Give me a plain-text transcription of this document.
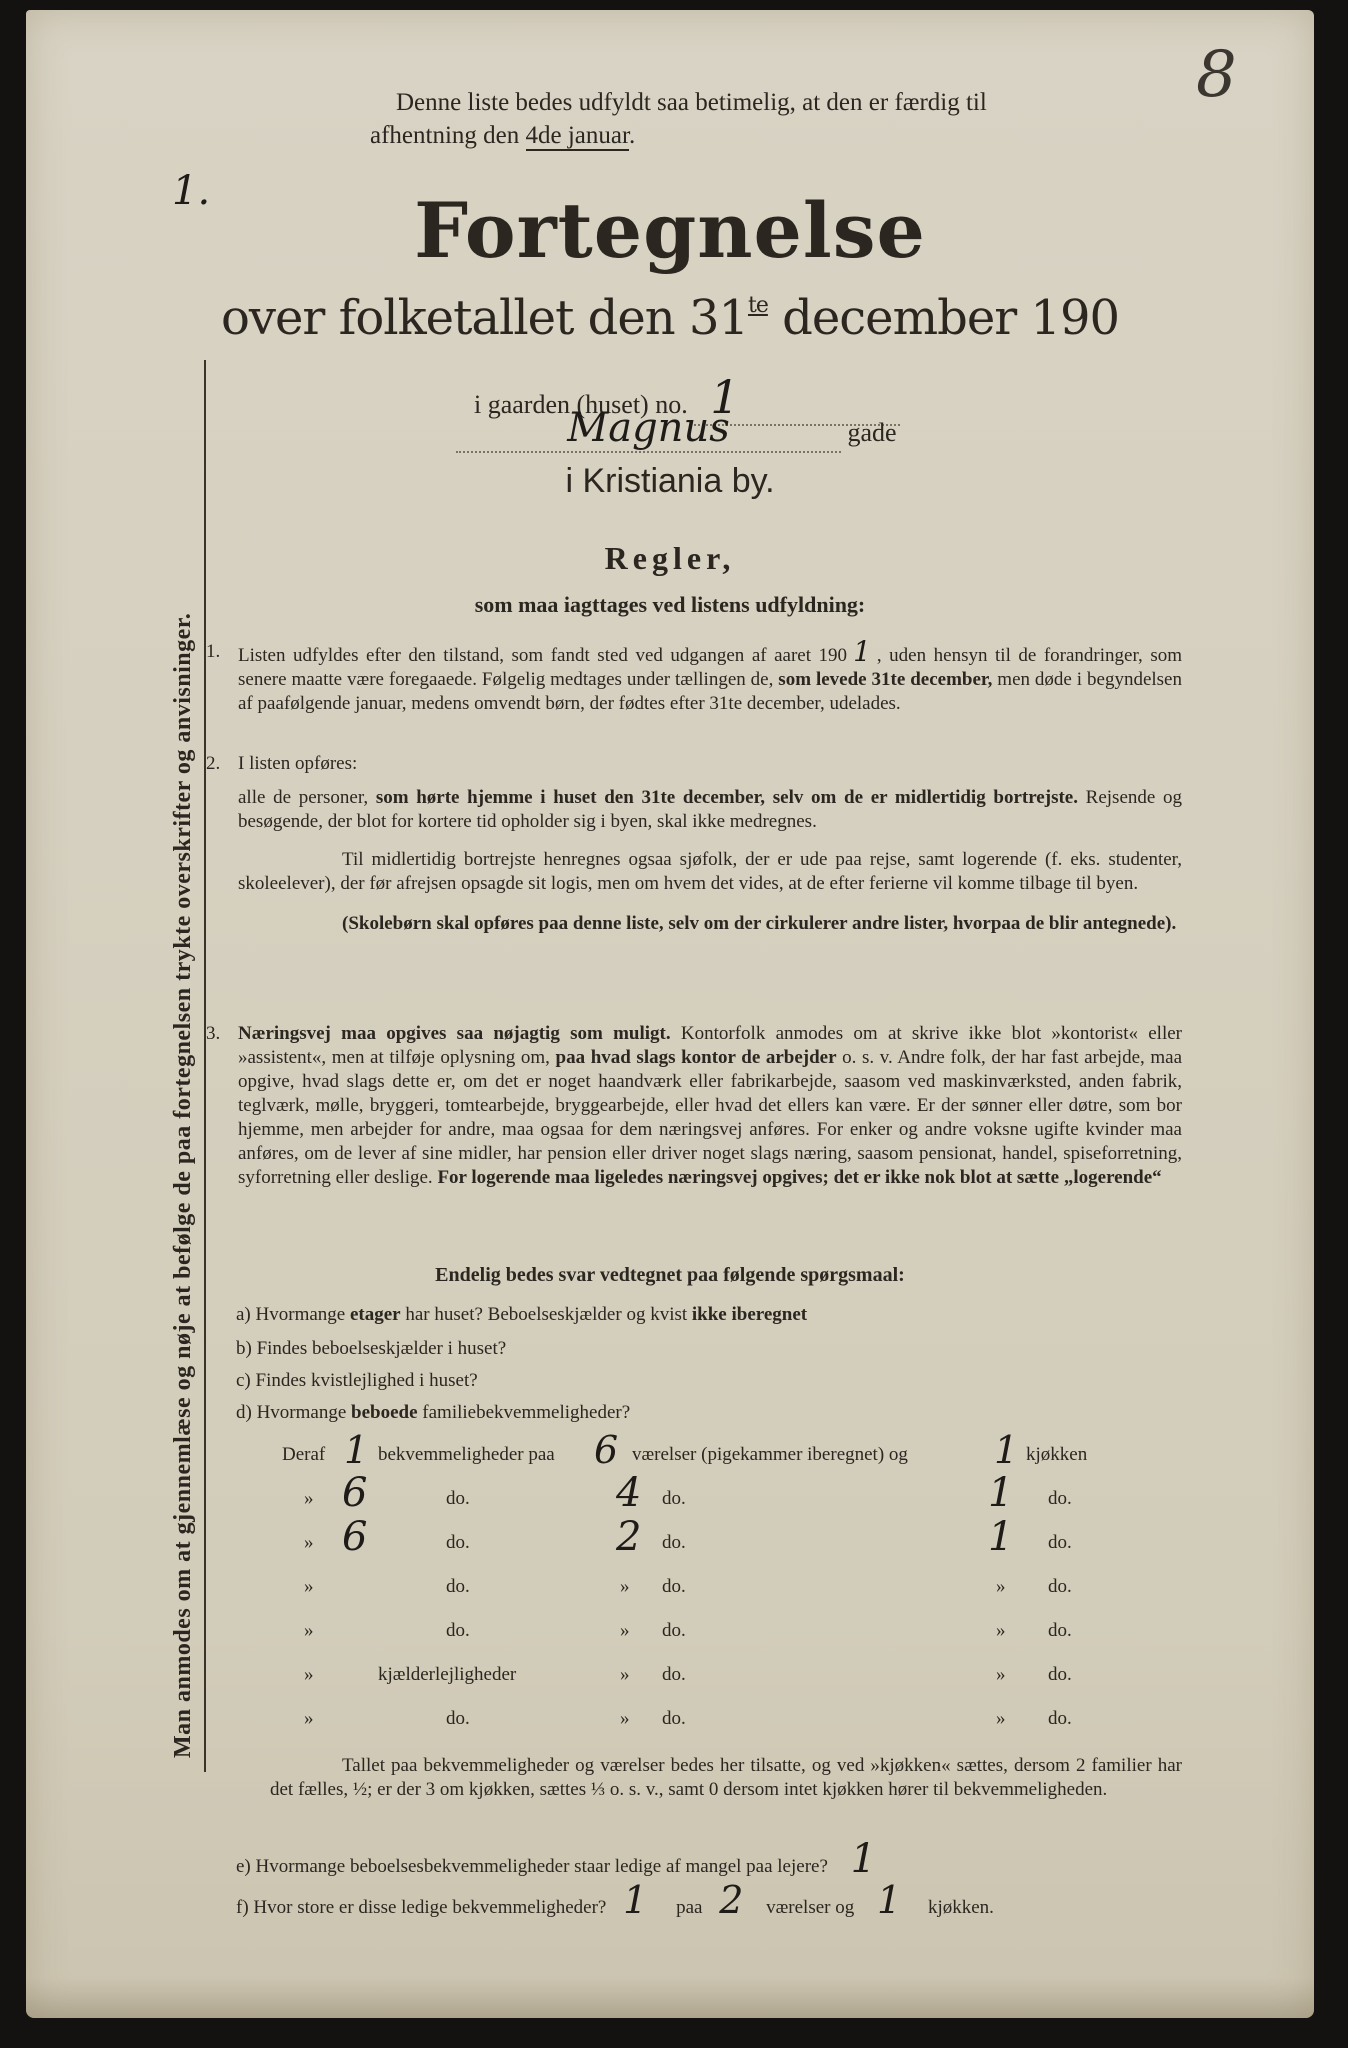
Denne liste bedes udfyldt saa betimelig, at den er færdig til
afhentning den 4de januar.
8
1.	Fortegnelse
over folketallet den $31^{te}$ december 190
i gaarden (huset) no. 1
Magnus	gade
i Kristiania by.
Regler,
som maa iagttages ved listens udfyldning:
1. Listen udfyldes efter den tilstand, som fandt sted ved udgangen af aaret 190 1 , uden hensyn til de forandringer, som senere maatte være foregaaede. Følgelig medtages under tællingen de, som levede 31te december, men døde i begyndelsen af paafølgende januar, medens omvendt børn, der fødtes efter 31te december, udelades.
2. I listen opføres:
alle de personer, som hørte hjemme i huset den 31te december, selv om de er midlertidig bortrejste. Rejsende og besøgende, der blot for kortere tid opholder sig i byen, skal ikke medregnes.
Til midlertidig bortrejste henregnes ogsaa sjøfolk, der er ude paa rejse, samt logerende (f. eks. studenter, skoleelever), der før afrejsen opsagde sit logis, men om hvem det vides, at de efter ferierne vil komme tilbage til byen.
(Skolebørn skal opføres paa denne liste, selv om der cirkulerer andre lister, hvorpaa de blir antegnede).
3. Næringsvej maa opgives saa nøjagtig som muligt. Kontorfolk anmodes om at skrive ikke blot »kontorist« eller »assistent«, men at tilføje oplysning om, paa hvad slags kontor de arbejder o. s. v. Andre folk, der har fast arbejde, maa opgive, hvad slags dette er, om det er noget haandværk eller fabrikarbejde, saasom ved maskinværksted, anden fabrik, teglværk, mølle, bryggeri, tomtearbejde, bryggearbejde, eller hvad det ellers kan være. Er der sønner eller døtre, som bor hjemme, men arbejder for andre, maa ogsaa for dem næringsvej anføres. For enker og andre voksne ugifte kvinder maa anføres, om de lever af sine midler, har pension eller driver noget slags næring, saasom pensionat, handel, spiseforretning, syforretning eller deslige. For logerende maa ligeledes næringsvej opgives; det er ikke nok blot at sætte „logerende“
Endelig bedes svar vedtegnet paa følgende spørgsmaal:
a) Hvormange etager har huset? Beboelseskjælder og kvist ikke iberegnet
b) Findes beboelseskjælder i huset?
c) Findes kvistlejlighed i huset?
d) Hvormange beboede familiebekvemmeligheder?
Deraf 1 bekvemmeligheder paa 6 værelser (pigekammer iberegnet) og 1 kjøkken
» 6	do.	4 do.	1 do.
» 6	do.	2 do.	1 do.
»	do.	» do.	» do.
»	do.	» do.	» do.
»	kjælderlejligheder	» do.	» do.
»	do.	» do.	» do.
Tallet paa bekvemmeligheder og værelser bedes her tilsatte, og ved »kjøkken« sættes, dersom 2 familier har det fælles, ½; er der 3 om kjøkken, sættes ⅓ o. s. v., samt 0 dersom intet kjøkken hører til bekvemmeligheden.
e) Hvormange beboelsesbekvemmeligheder staar ledige af mangel paa lejere? 1
f) Hvor store er disse ledige bekvemmeligheder? 1 paa 2 værelser og 1 kjøkken.
Man anmodes om at gjennemlæse og nøje at befølge de paa fortegnelsen trykte overskrifter og anvisninger.
